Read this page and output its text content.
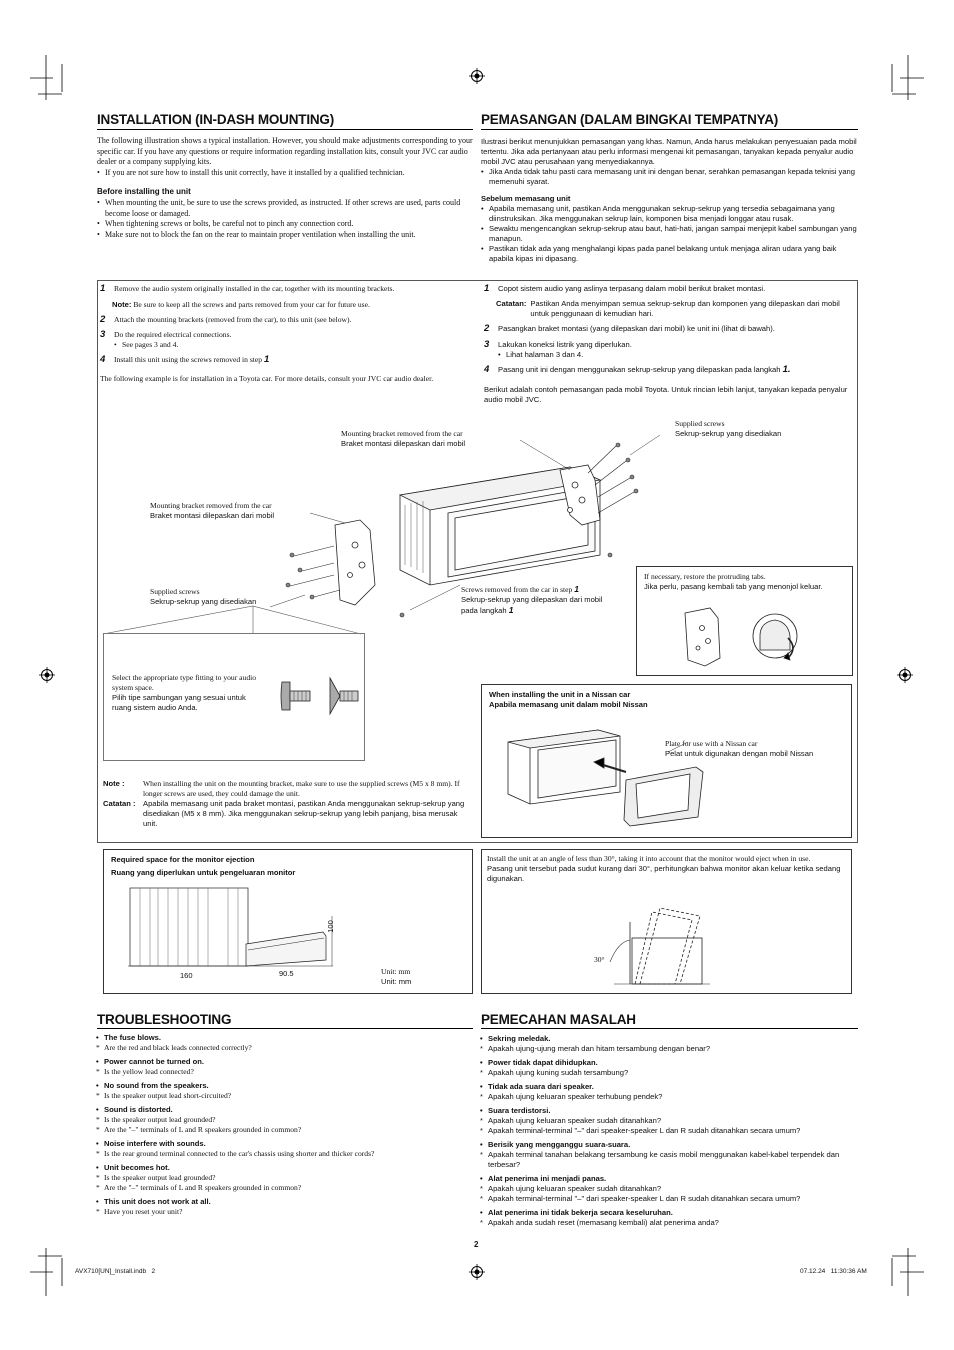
INSTALLATION (IN-DASH MOUNTING)	PEMASANGAN (DALAM BINGKAI TEMPATNYA)
The following illustration shows a typical installation. However, you should make adjustments corresponding to your specific car. If you have any questions or require information regarding installation kits, consult your JVC car audio dealer or a company supplying kits.
• If you are not sure how to install this unit correctly, have it installed by a qualified technician.
Before installing the unit
• When mounting the unit, be sure to use the screws provided, as instructed. If other screws are used, parts could become loose or damaged.
• When tightening screws or bolts, be careful not to pinch any connection cord.
• Make sure not to block the fan on the rear to maintain proper ventilation when installing the unit.
Ilustrasi berikut menunjukkan pemasangan yang khas. Namun, Anda harus melakukan penyesuaian pada mobil tertentu. Jika ada pertanyaan atau perlu informasi mengenai kit pemasangan, tanyakan kepada penyalur audio mobil JVC atau perusahaan yang menyediakannya.
• Jika Anda tidak tahu pasti cara memasang unit ini dengan benar, serahkan pemasangan kepada teknisi yang memenuhi syarat.
Sebelum memasang unit
• Apabila memasang unit, pastikan Anda menggunakan sekrup-sekrup yang tersedia sebagaimana yang diinstruksikan. Jika menggunakan sekrup lain, komponen bisa menjadi longgar atau rusak.
• Sewaktu mengencangkan sekrup-sekrup atau baut, hati-hati, jangan sampai menjepit kabel sambungan yang manapun.
• Pastikan tidak ada yang menghalangi kipas pada panel belakang untuk menjaga aliran udara yang baik apabila kipas ini dipasang.
1	Remove the audio system originally installed in the car, together with its mounting brackets.
Note: Be sure to keep all the screws and parts removed from your car for future use.
2	Attach the mounting brackets (removed from the car), to this unit (see below).
3	Do the required electrical connections.
• See pages 3 and 4.
4	Install this unit using the screws removed in step 1
The following example is for installation in a Toyota car. For more details, consult your JVC car audio dealer.
1	Copot sistem audio yang aslinya terpasang dalam mobil berikut braket montasi.
Catatan: Pastikan Anda menyimpan semua sekrup-sekrup dan komponen yang dilepaskan dari mobil untuk penggunaan di kemudian hari.
2	Pasangkan braket montasi (yang dilepaskan dari mobil) ke unit ini (lihat di bawah).
3	Lakukan koneksi listrik yang diperlukan.
• Lihat halaman 3 dan 4.
4	Pasang unit ini dengan menggunakan sekrup-sekrup yang dilepaskan pada langkah 1.
Berikut adalah contoh pemasangan pada mobil Toyota. Untuk rincian lebih lanjut, tanyakan kepada penyalur audio mobil JVC.
Mounting bracket removed from the car
Braket montasi dilepaskan dari mobil
Mounting bracket removed from the car
Braket montasi dilepaskan dari mobil
Supplied screws
Sekrup-sekrup yang disediakan
Supplied screws
Sekrup-sekrup yang disediakan
Screws removed from the car in step 1
Sekrup-sekrup yang dilepaskan dari mobil pada langkah 1
If necessary, restore the protruding tabs.
Jika perlu, pasang kembali tab yang menonjol keluar.
Select the appropriate type fitting to your audio system space.
Pilih tipe sambungan yang sesuai untuk ruang sistem audio Anda.
Note :	When installing the unit on the mounting bracket, make sure to use the supplied screws (M5 x 8 mm). If longer screws are used, they could damage the unit.
Catatan : Apabila memasang unit pada braket montasi, pastikan Anda menggunakan sekrup-sekrup yang disediakan (M5 x 8 mm). Jika menggunakan sekrup-sekrup yang lebih panjang, bisa merusak unit.
When installing the unit in a Nissan car
Apabila memasang unit dalam mobil Nissan
Plate for use with a Nissan car
Pelat untuk digunakan dengan mobil Nissan
Required space for the monitor ejection
Ruang yang diperlukan untuk pengeluaran monitor
160	90.5
100
Unit: mm
Unit: mm
Install the unit at an angle of less than 30°, taking it into account that the monitor would eject when in use.
Pasang unit tersebut pada sudut kurang dari 30°, perhitungkan bahwa monitor akan keluar ketika sedang digunakan.
30°
TROUBLESHOOTING
• The fuse blows.
* Are the red and black leads connected correctly?
• Power cannot be turned on.
* Is the yellow lead connected?
• No sound from the speakers.
* Is the speaker output lead short-circuited?
• Sound is distorted.
* Is the speaker output lead grounded?
* Are the "–" terminals of L and R speakers grounded in common?
• Noise interfere with sounds.
* Is the rear ground terminal connected to the car's chassis using shorter and thicker cords?
• Unit becomes hot.
* Is the speaker output lead grounded?
* Are the "–" terminals of L and R speakers grounded in common?
• This unit does not work at all.
* Have you reset your unit?
PEMECAHAN MASALAH
• Sekring meledak.
* Apakah ujung-ujung merah dan hitam tersambung dengan benar?
• Power tidak dapat dihidupkan.
* Apakah ujung kuning sudah tersambung?
• Tidak ada suara dari speaker.
* Apakah ujung keluaran speaker terhubung pendek?
• Suara terdistorsi.
* Apakah ujung keluaran speaker sudah ditanahkan?
* Apakah terminal-terminal "–" dari speaker-speaker L dan R sudah ditanahkan secara umum?
• Berisik yang mengganggu suara-suara.
* Apakah terminal tanahan belakang tersambung ke casis mobil menggunakan kabel-kabel terpendek dan terbesar?
• Alat penerima ini menjadi panas.
* Apakah ujung keluaran speaker sudah ditanahkan?
* Apakah terminal-terminal "–" dari speaker-speaker L dan R sudah ditanahkan secara umum?
• Alat penerima ini tidak bekerja secara keseluruhan.
* Apakah anda sudah reset (memasang kembali) alat penerima anda?
2
AVX710[UN]_Install.indb   2	07.12.24   11:30:36 AM
